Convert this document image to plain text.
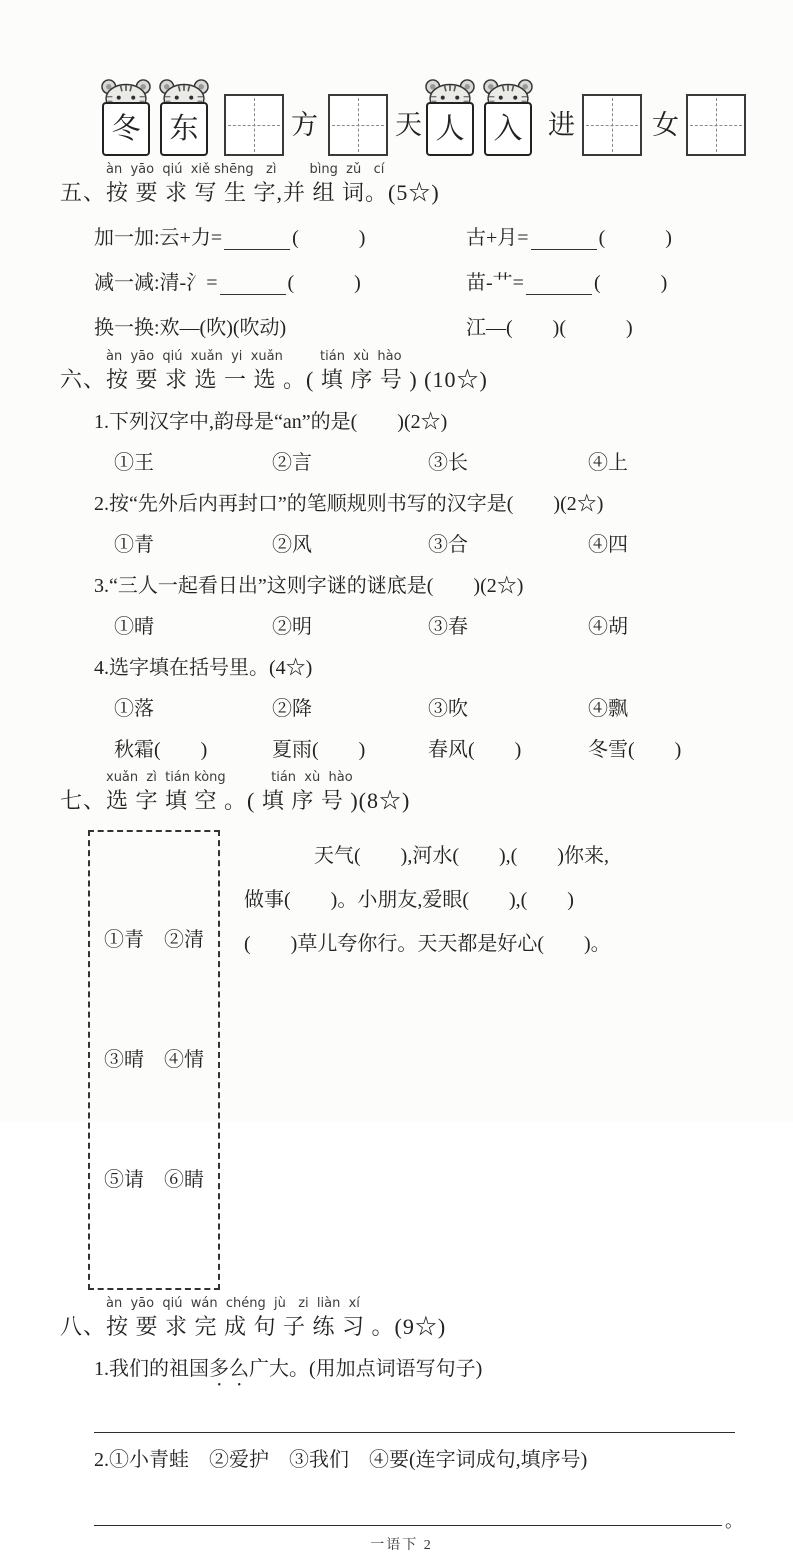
冬 东	方	天 人 入 进	女
àn  yāo  qiú  xiě shēng   zì        bìng  zǔ   cí
五、按 要 求 写 生 字,并 组 词。(5☆)
加一加:云+力=	(　　　)	古+月=	(　　　)
减一减:清-氵=	(　　　)	苗-艹=	(　　　)
换一换:欢—(吹)(吹动)	江—(　　)(　　　)
àn  yāo  qiú  xuǎn  yi  xuǎn         tián  xù  hào
六、按 要 求 选 一 选 。( 填 序 号 ) (10☆)
1.下列汉字中,韵母是“an”的是(　　)(2☆)
①王	②言	③长	④上
2.按“先外后内再封口”的笔顺规则书写的汉字是(　　)(2☆)
①青	②风	③合	④四
3.“三人一起看日出”这则字谜的谜底是(　　)(2☆)
①晴	②明	③春	④胡
4.选字填在括号里。(4☆)
①落	②降	③吹	④飘
秋霜(　　)	夏雨(　　)	春风(　　)	冬雪(　　)
xuǎn  zì  tián kòng           tián  xù  hào
七、选 字 填 空 。( 填 序 号 )(8☆)

①青　②清

③晴　④情

⑤请　⑥睛

天气(　　),河水(　　),(　　)你来,
做事(　　)。小朋友,爱眼(　　),(　　)
(　　)草儿夸你行。天天都是好心(　　)。
àn  yāo  qiú  wán  chéng  jù   zi  liàn  xí
八、按 要 求 完 成 句 子 练 习 。(9☆)
1.我们的祖国多么广大。(用加点词语写句子)
2.①小青蛙　②爱护　③我们　④要(连字词成句,填序号)
。
一语下 2
